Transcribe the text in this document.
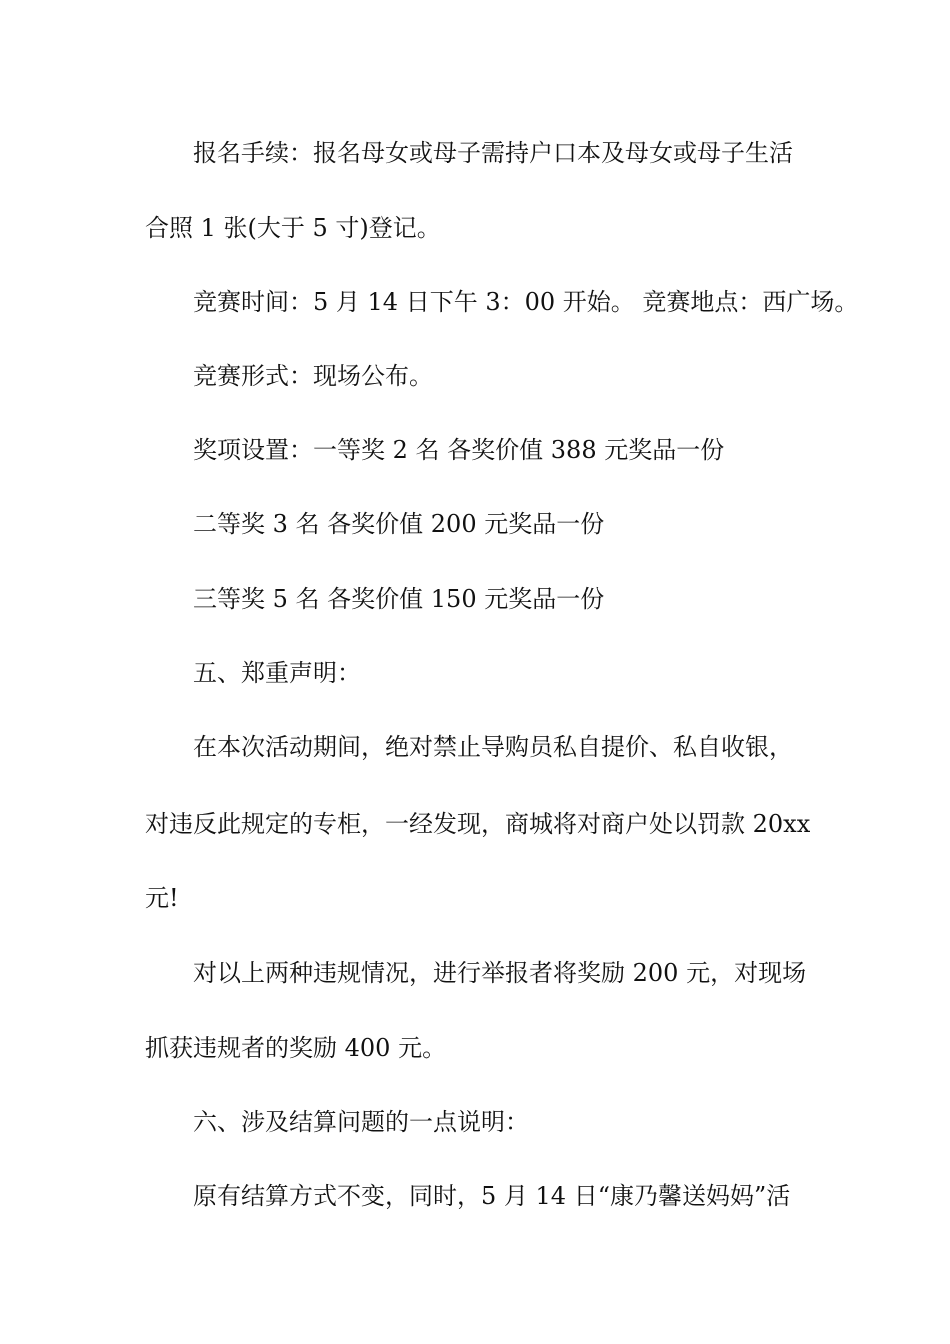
报名手续：报名母女或母子需持户口本及母女或母子生活
合照 1 张(大于 5 寸)登记。
竞赛时间：5 月 14 日下午 3：00 开始。 竞赛地点：西广场。
竞赛形式：现场公布。
奖项设置：一等奖 2 名 各奖价值 388 元奖品一份
二等奖 3 名 各奖价值 200 元奖品一份
三等奖 5 名 各奖价值 150 元奖品一份
五、郑重声明：
在本次活动期间，绝对禁止导购员私自提价、私自收银，
对违反此规定的专柜，一经发现，商城将对商户处以罚款 20xx
元!
对以上两种违规情况，进行举报者将奖励 200 元，对现场
抓获违规者的奖励 400 元。
六、涉及结算问题的一点说明：
原有结算方式不变，同时，5 月 14 日“康乃馨送妈妈”活
